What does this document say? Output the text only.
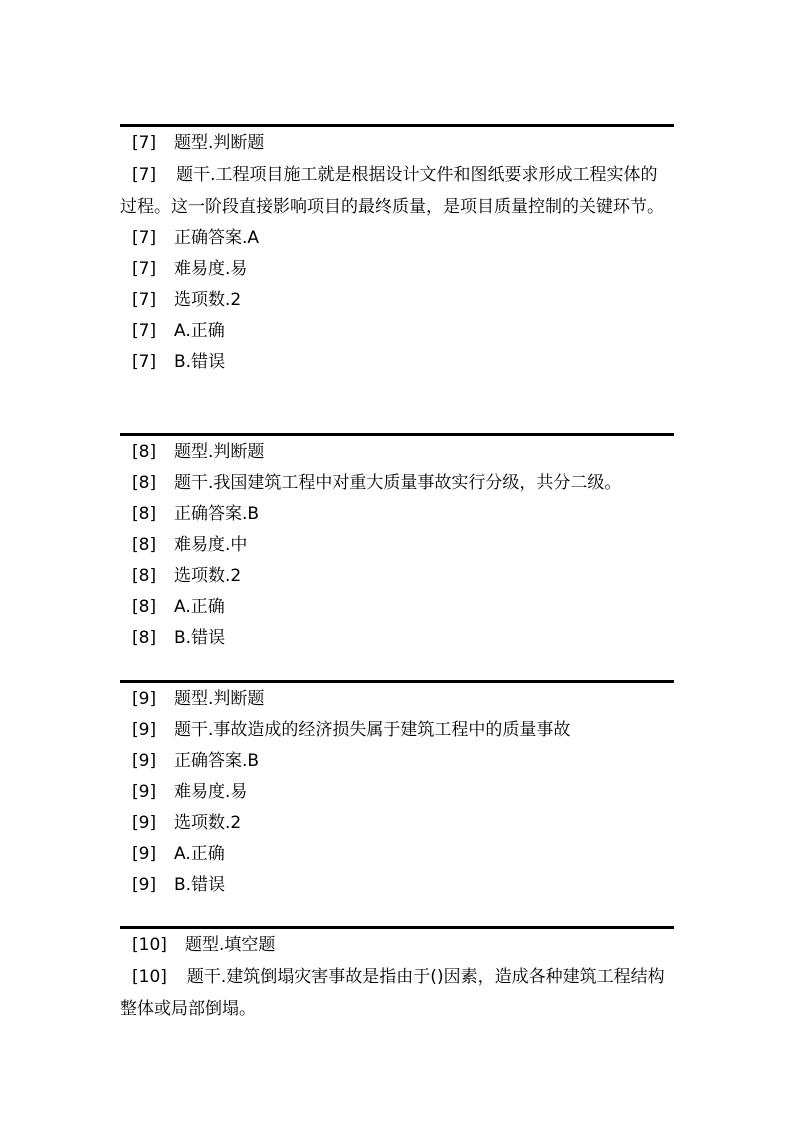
[7] 题型.判断题

[7] 题干.工程项目施工就是根据设计文件和图纸要求形成工程实体的过程。这一阶段直接影响项目的最终质量，是项目质量控制的关键环节。

[7] 正确答案.A
[7] 难易度.易
[7] 选项数.2
[7] A.正确
[7] B.错误
[8] 题型.判断题
[8] 题干.我国建筑工程中对重大质量事故实行分级，共分二级。
[8] 正确答案.B
[8] 难易度.中
[8] 选项数.2
[8] A.正确
[8] B.错误
[9] 题型.判断题
[9] 题干.事故造成的经济损失属于建筑工程中的质量事故
[9] 正确答案.B
[9] 难易度.易
[9] 选项数.2
[9] A.正确
[9] B.错误
[10] 题型.填空题

[10] 题干.建筑倒塌灾害事故是指由于()因素，造成各种建筑工程结构整体或局部倒塌。
